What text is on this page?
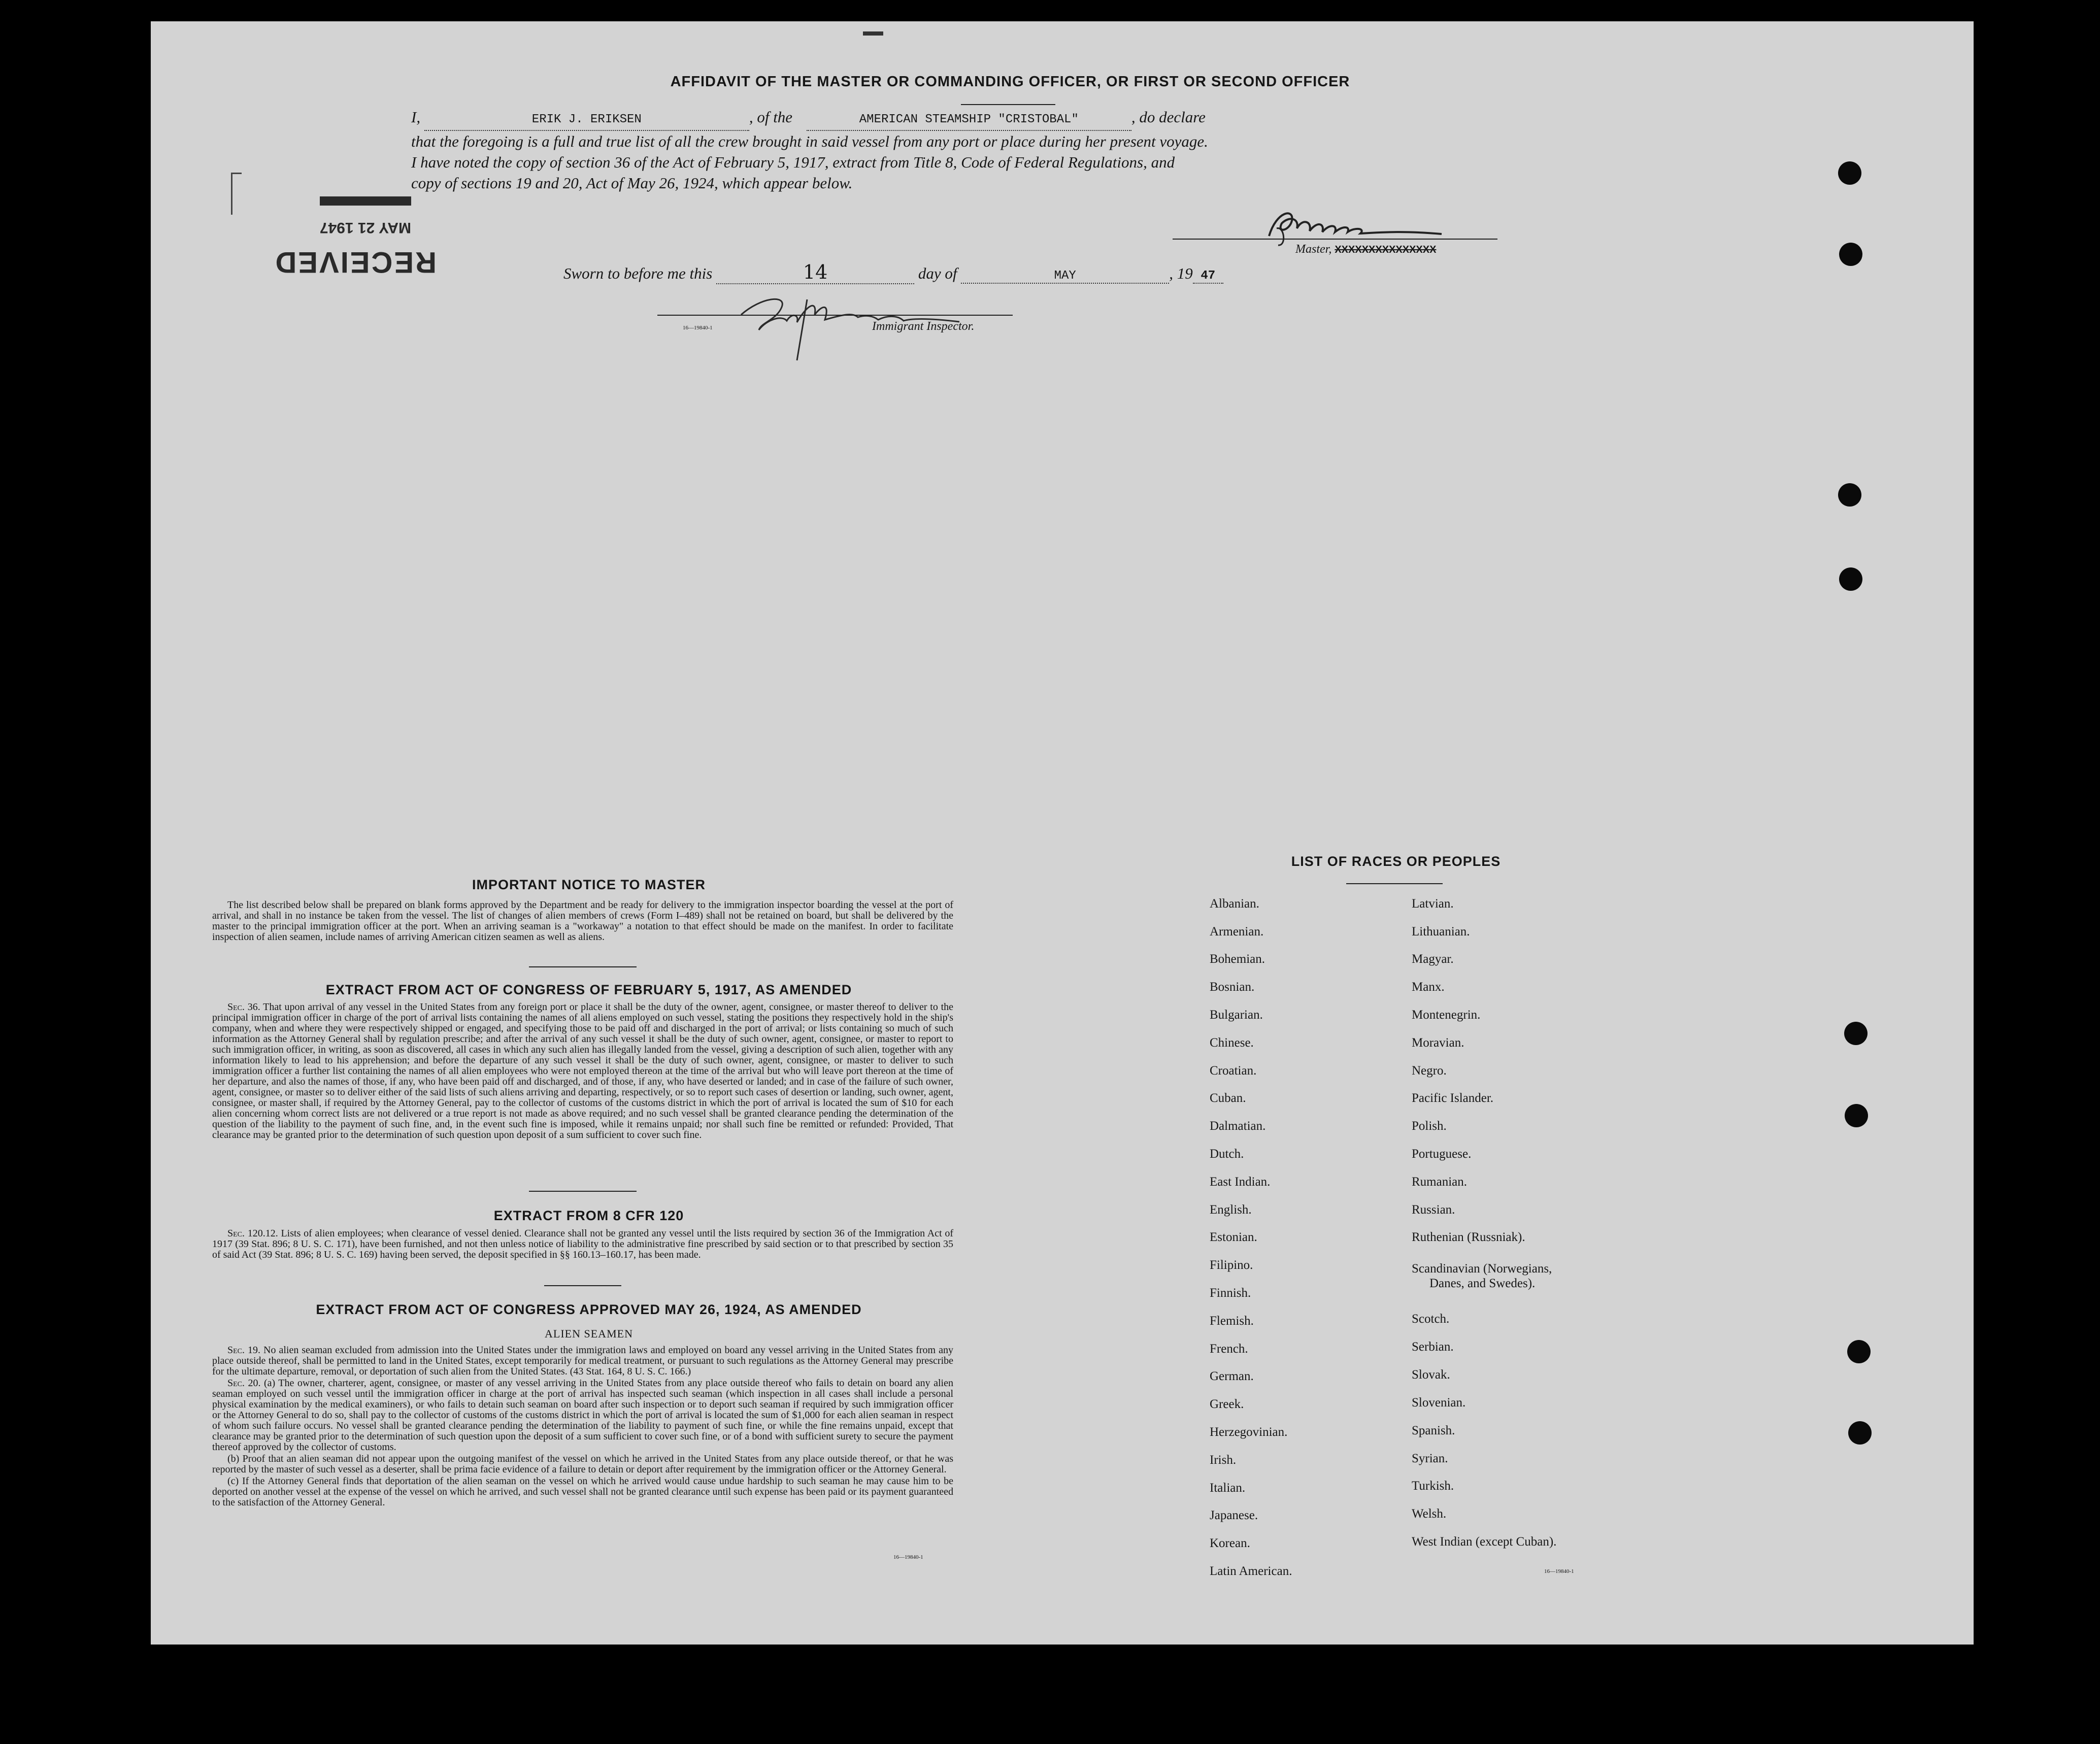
RECEIVED
MAY 21 1947
AFFIDAVIT OF THE MASTER OR COMMANDING OFFICER, OR FIRST OR SECOND OFFICER

I,	ERIK J. ERIKSEN	, of the	AMERICAN STEAMSHIP "CRISTOBAL"	, do declare

that the foregoing is a full and true list of all the crew brought in said vessel from any port or place during her present voyage.

I have noted the copy of section 36 of the Act of February 5, 1917, extract from Title 8, Code of Federal Regulations, and

copy of sections 19 and 20, Act of May 26, 1924, which appear below.

Master, XXXXXXXXXXXXXXX
Sworn to before me this	14	day of	MAY	, 19 47
16—19840-1	Immigrant Inspector.
IMPORTANT NOTICE TO MASTER

The list described below shall be prepared on blank forms approved by the Department and be ready for delivery to the immigration inspector boarding the vessel at the port of arrival, and shall in no instance be taken from the vessel. The list of changes of alien members of crews (Form I–489) shall not be retained on board, but shall be delivered by the master to the principal immigration officer at the port. When an arriving seaman is a "workaway" a notation to that effect should be made on the manifest. In order to facilitate inspection of alien seamen, include names of arriving American citizen seamen as well as aliens.

EXTRACT FROM ACT OF CONGRESS OF FEBRUARY 5, 1917, AS AMENDED

Sec. 36. That upon arrival of any vessel in the United States from any foreign port or place it shall be the duty of the owner, agent, consignee, or master thereof to deliver to the principal immigration officer in charge of the port of arrival lists containing the names of all aliens employed on such vessel, stating the positions they respectively hold in the ship's company, when and where they were respectively shipped or engaged, and specifying those to be paid off and discharged in the port of arrival; or lists containing so much of such information as the Attorney General shall by regulation prescribe; and after the arrival of any such vessel it shall be the duty of such owner, agent, consignee, or master to report to such immigration officer, in writing, as soon as discovered, all cases in which any such alien has illegally landed from the vessel, giving a description of such alien, together with any information likely to lead to his apprehension; and before the departure of any such vessel it shall be the duty of such owner, agent, consignee, or master to deliver to such immigration officer a further list containing the names of all alien employees who were not employed thereon at the time of the arrival but who will leave port thereon at the time of her departure, and also the names of those, if any, who have been paid off and discharged, and of those, if any, who have deserted or landed; and in case of the failure of such owner, agent, consignee, or master so to deliver either of the said lists of such aliens arriving and departing, respectively, or so to report such cases of desertion or landing, such owner, agent, consignee, or master shall, if required by the Attorney General, pay to the collector of customs of the customs district in which the port of arrival is located the sum of $10 for each alien concerning whom correct lists are not delivered or a true report is not made as above required; and no such vessel shall be granted clearance pending the determination of the question of the liability to the payment of such fine, and, in the event such fine is imposed, while it remains unpaid; nor shall such fine be remitted or refunded: Provided, That clearance may be granted prior to the determination of such question upon deposit of a sum sufficient to cover such fine.

EXTRACT FROM 8 CFR 120

Sec. 120.12. Lists of alien employees; when clearance of vessel denied. Clearance shall not be granted any vessel until the lists required by section 36 of the Immigration Act of 1917 (39 Stat. 896; 8 U. S. C. 171), have been furnished, and not then unless notice of liability to the administrative fine prescribed by said section or to that prescribed by section 35 of said Act (39 Stat. 896; 8 U. S. C. 169) having been served, the deposit specified in §§ 160.13–160.17, has been made.

EXTRACT FROM ACT OF CONGRESS APPROVED MAY 26, 1924, AS AMENDED
ALIEN SEAMEN

Sec. 19. No alien seaman excluded from admission into the United States under the immigration laws and employed on board any vessel arriving in the United States from any place outside thereof, shall be permitted to land in the United States, except temporarily for medical treatment, or pursuant to such regulations as the Attorney General may prescribe for the ultimate departure, removal, or deportation of such alien from the United States. (43 Stat. 164, 8 U. S. C. 166.)

Sec. 20. (a) The owner, charterer, agent, consignee, or master of any vessel arriving in the United States from any place outside thereof who fails to detain on board any alien seaman employed on such vessel until the immigration officer in charge at the port of arrival has inspected such seaman (which inspection in all cases shall include a personal physical examination by the medical examiners), or who fails to detain such seaman on board after such inspection or to deport such seaman if required by such immigration officer or the Attorney General to do so, shall pay to the collector of customs of the customs district in which the port of arrival is located the sum of $1,000 for each alien seaman in respect of whom such failure occurs. No vessel shall be granted clearance pending the determination of the liability to payment of such fine, or while the fine remains unpaid, except that clearance may be granted prior to the determination of such question upon the deposit of a sum sufficient to cover such fine, or of a bond with sufficient surety to secure the payment thereof approved by the collector of customs.

(b) Proof that an alien seaman did not appear upon the outgoing manifest of the vessel on which he arrived in the United States from any place outside thereof, or that he was reported by the master of such vessel as a deserter, shall be prima facie evidence of a failure to detain or deport after requirement by the immigration officer or the Attorney General.

(c) If the Attorney General finds that deportation of the alien seaman on the vessel on which he arrived would cause undue hardship to such seaman he may cause him to be deported on another vessel at the expense of the vessel on which he arrived, and such vessel shall not be granted clearance until such expense has been paid or its payment guaranteed to the satisfaction of the Attorney General.

16—19840-1
LIST OF RACES OR PEOPLES
Albanian.
Armenian.
Bohemian.
Bosnian.
Bulgarian.
Chinese.
Croatian.
Cuban.
Dalmatian.
Dutch.
East Indian.
English.
Estonian.
Filipino.
Finnish.
Flemish.
French.
German.
Greek.
Herzegovinian.
Irish.
Italian.
Japanese.
Korean.
Latin American.
Latvian.
Lithuanian.
Magyar.
Manx.
Montenegrin.
Moravian.
Negro.
Pacific Islander.
Polish.
Portuguese.
Rumanian.
Russian.
Ruthenian (Russniak).
Scandinavian (Norwegians,
Danes, and Swedes).
Scotch.
Serbian.
Slovak.
Slovenian.
Spanish.
Syrian.
Turkish.
Welsh.
West Indian (except Cuban).
16—19840-1
